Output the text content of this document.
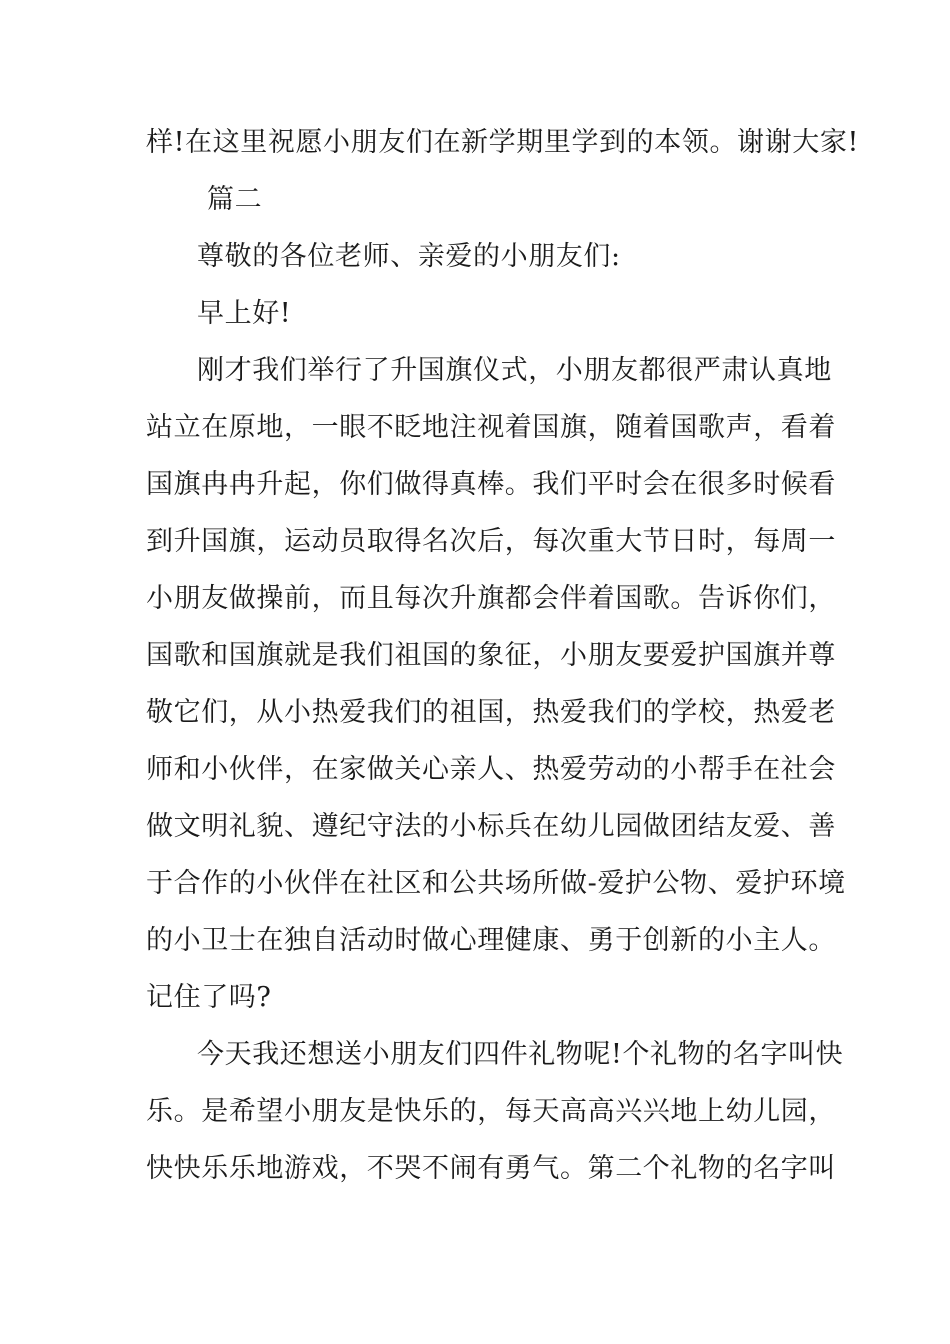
样!在这里祝愿小朋友们在新学期里学到的本领。谢谢大家!
篇二
尊敬的各位老师、亲爱的小朋友们:
早上好!
刚才我们举行了升国旗仪式，小朋友都很严肃认真地
站立在原地，一眼不眨地注视着国旗，随着国歌声，看着
国旗冉冉升起，你们做得真棒。我们平时会在很多时候看
到升国旗，运动员取得名次后，每次重大节日时，每周一
小朋友做操前，而且每次升旗都会伴着国歌。告诉你们，
国歌和国旗就是我们祖国的象征，小朋友要爱护国旗并尊
敬它们，从小热爱我们的祖国，热爱我们的学校，热爱老
师和小伙伴，在家做关心亲人、热爱劳动的小帮手在社会
做文明礼貌、遵纪守法的小标兵在幼儿园做团结友爱、善
于合作的小伙伴在社区和公共场所做-爱护公物、爱护环境
的小卫士在独自活动时做心理健康、勇于创新的小主人。
记住了吗?
今天我还想送小朋友们四件礼物呢!个礼物的名字叫快
乐。是希望小朋友是快乐的，每天高高兴兴地上幼儿园，
快快乐乐地游戏，不哭不闹有勇气。第二个礼物的名字叫
